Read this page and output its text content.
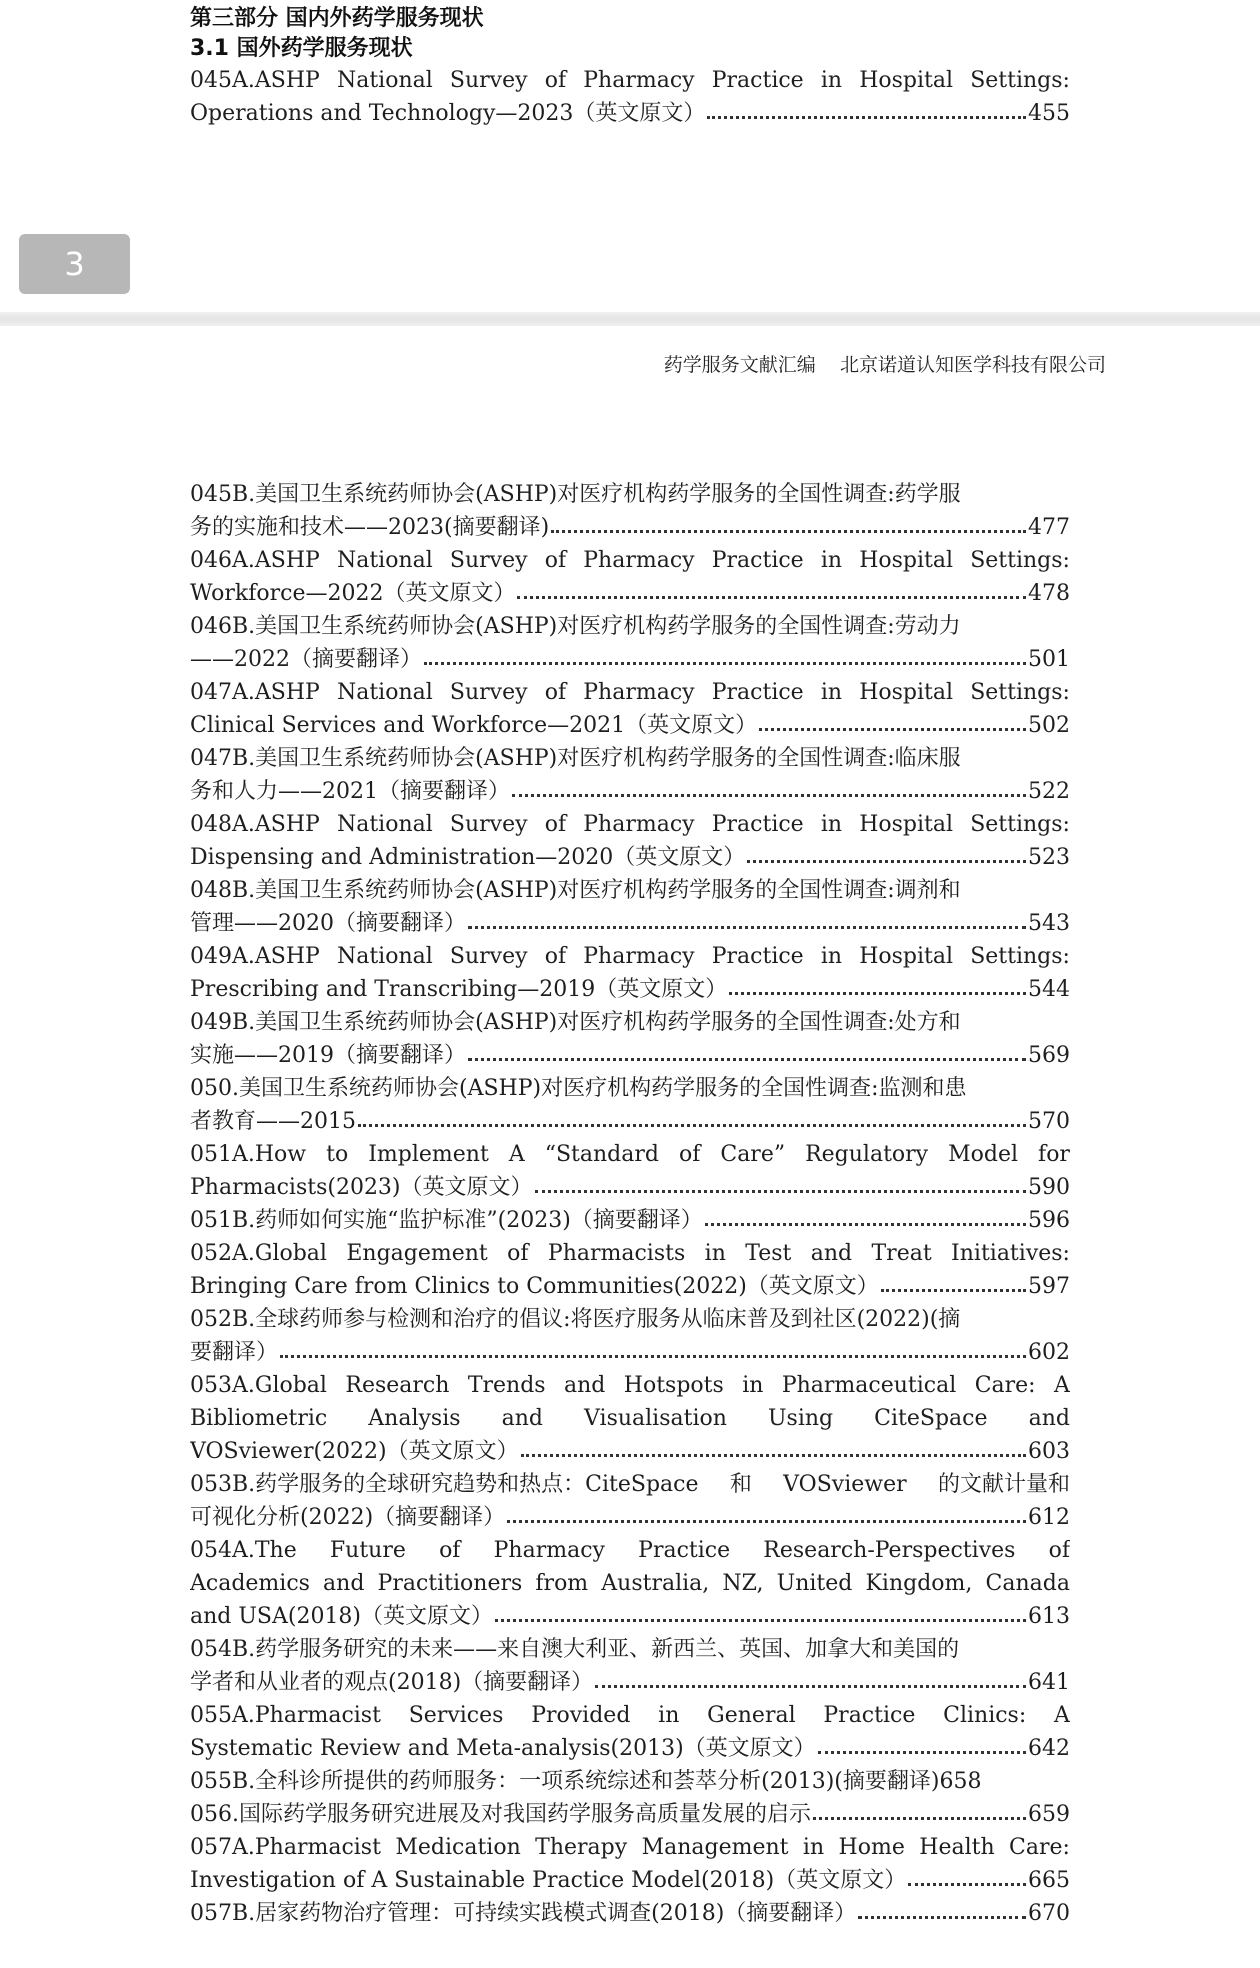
第三部分 国内外药学服务现状
3.1 国外药学服务现状
045A.ASHP National Survey of Pharmacy Practice in Hospital Settings:
Operations and Technology—2023（英文原文）	455
3
药学服务文献汇编 北京诺道认知医学科技有限公司
045B.美国卫生系统药师协会(ASHP)对医疗机构药学服务的全国性调查:药学服
务的实施和技术——2023(摘要翻译)	477
046A.ASHP National Survey of Pharmacy Practice in Hospital Settings:
Workforce—2022（英文原文）	478
046B.美国卫生系统药师协会(ASHP)对医疗机构药学服务的全国性调查:劳动力
——2022（摘要翻译）	501
047A.ASHP National Survey of Pharmacy Practice in Hospital Settings:
Clinical Services and Workforce—2021（英文原文）	502
047B.美国卫生系统药师协会(ASHP)对医疗机构药学服务的全国性调查:临床服
务和人力——2021（摘要翻译）	522
048A.ASHP National Survey of Pharmacy Practice in Hospital Settings:
Dispensing and Administration—2020（英文原文）	523
048B.美国卫生系统药师协会(ASHP)对医疗机构药学服务的全国性调查:调剂和
管理——2020（摘要翻译）	543
049A.ASHP National Survey of Pharmacy Practice in Hospital Settings:
Prescribing and Transcribing—2019（英文原文）	544
049B.美国卫生系统药师协会(ASHP)对医疗机构药学服务的全国性调查:处方和
实施——2019（摘要翻译）	569
050.美国卫生系统药师协会(ASHP)对医疗机构药学服务的全国性调查:监测和患
者教育——2015	570
051A.How to Implement A “Standard of Care” Regulatory Model for
Pharmacists(2023)（英文原文）	590
051B.药师如何实施“监护标准”(2023)（摘要翻译）	596
052A.Global Engagement of Pharmacists in Test and Treat Initiatives:
Bringing Care from Clinics to Communities(2022)（英文原文）	597
052B.全球药师参与检测和治疗的倡议:将医疗服务从临床普及到社区(2022)(摘
要翻译）	602
053A.Global Research Trends and Hotspots in Pharmaceutical Care: A
Bibliometric Analysis and Visualisation Using CiteSpace and
VOSviewer(2022)（英文原文）	603
053B.药学服务的全球研究趋势和热点：CiteSpace 和 VOSviewer 的文献计量和
可视化分析(2022)（摘要翻译）	612
054A.The Future of Pharmacy Practice Research‐Perspectives of
Academics and Practitioners from Australia, NZ, United Kingdom, Canada
and USA(2018)（英文原文）	613
054B.药学服务研究的未来——来自澳大利亚、新西兰、英国、加拿大和美国的
学者和从业者的观点(2018)（摘要翻译）	641
055A.Pharmacist Services Provided in General Practice Clinics: A
Systematic Review and Meta-analysis(2013)（英文原文）	642
055B.全科诊所提供的药师服务：一项系统综述和荟萃分析(2013)(摘要翻译)658
056.国际药学服务研究进展及对我国药学服务高质量发展的启示	659
057A.Pharmacist Medication Therapy Management in Home Health Care:
Investigation of A Sustainable Practice Model(2018)（英文原文）	665
057B.居家药物治疗管理：可持续实践模式调查(2018)（摘要翻译）	670
